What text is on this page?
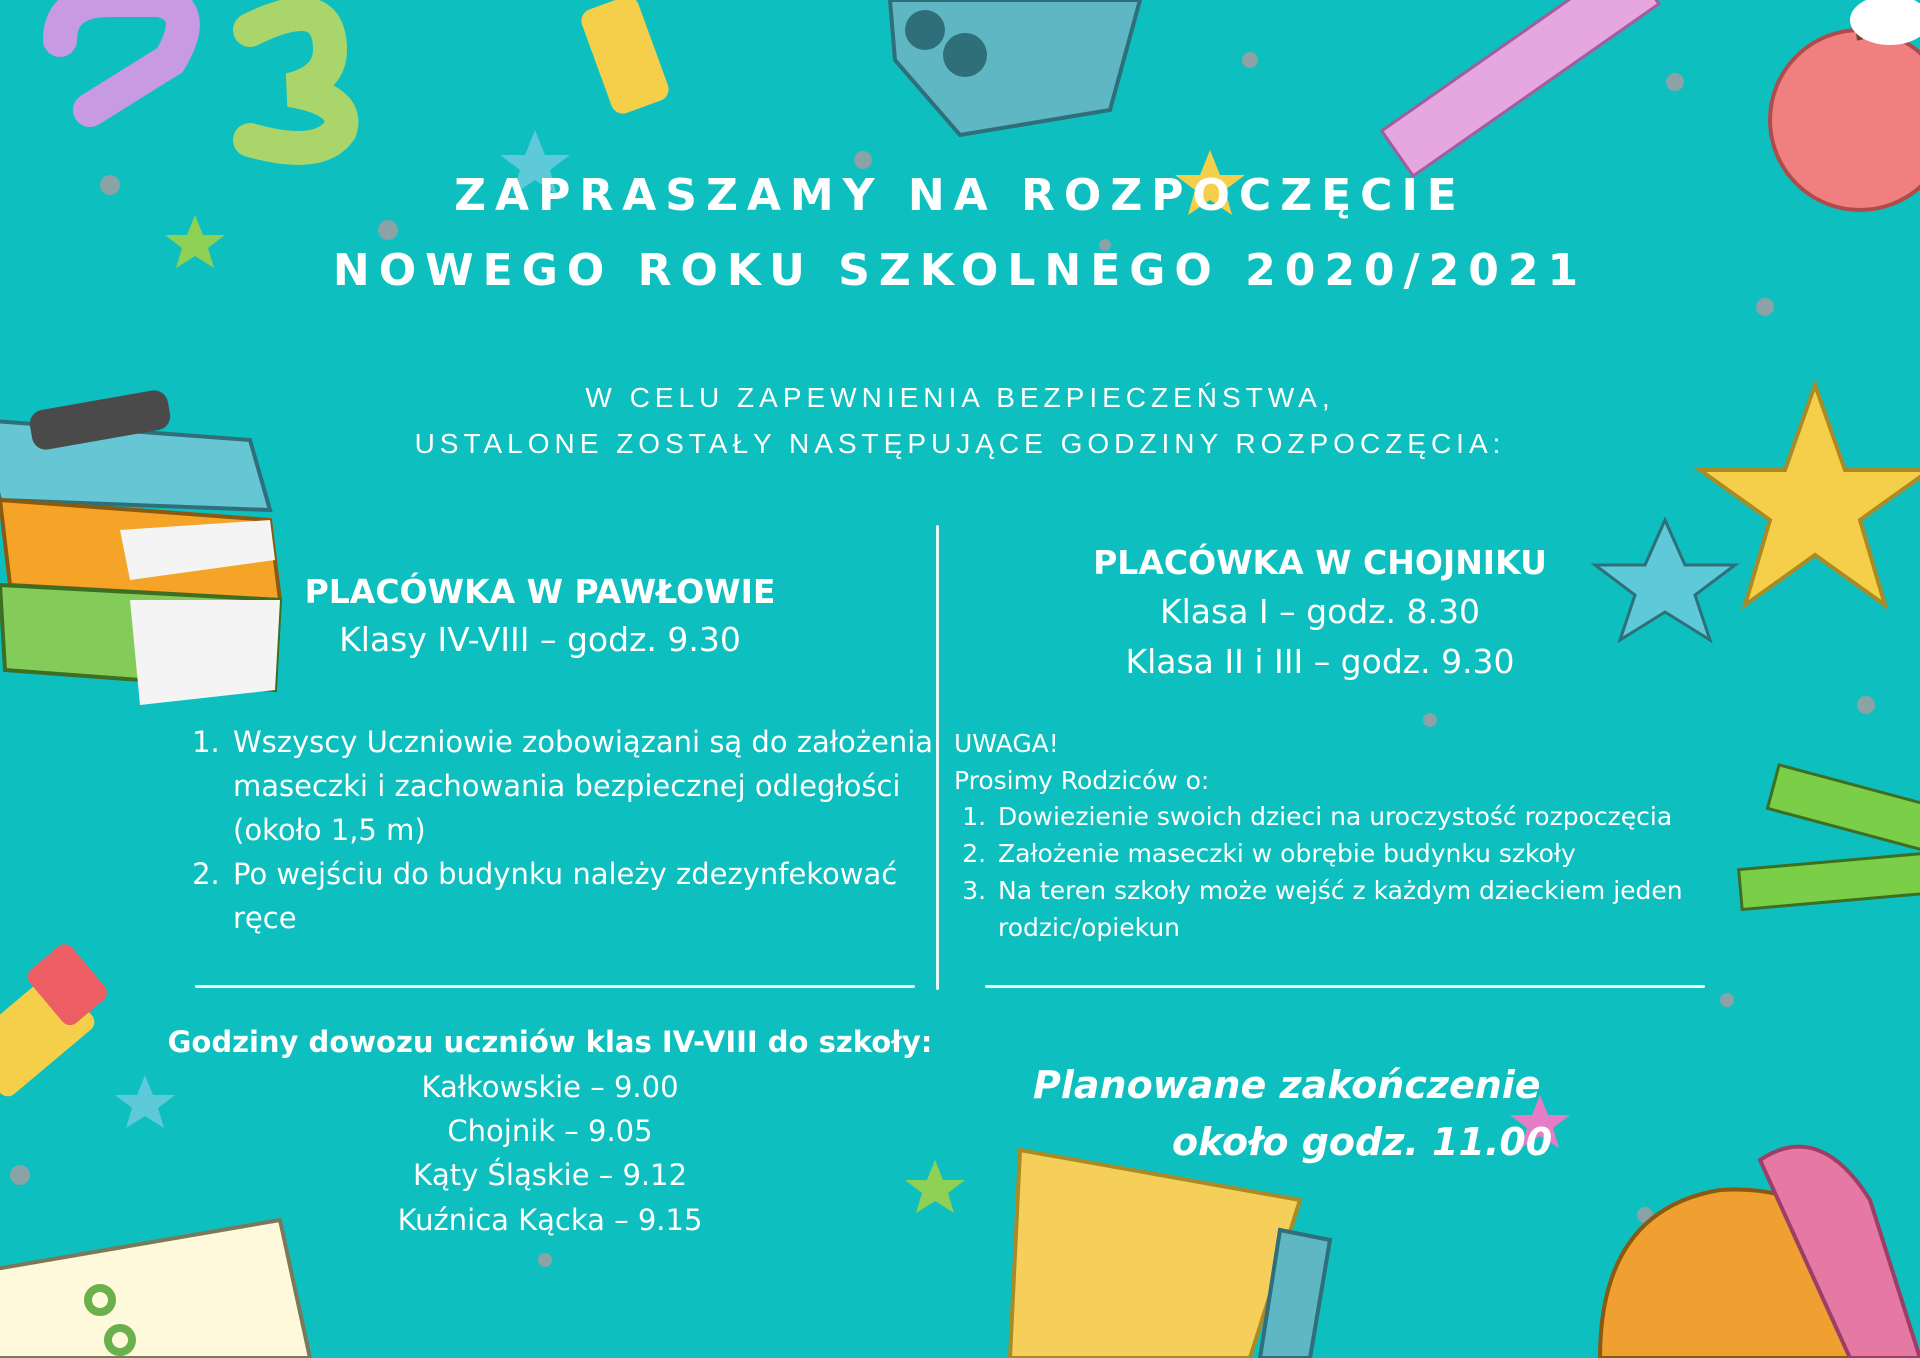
ZAPRASZAMY NA ROZPOCZĘCIE
NOWEGO ROKU SZKOLNEGO 2020/2021
W CELU ZAPEWNIENIA BEZPIECZEŃSTWA,
USTALONE ZOSTAŁY NASTĘPUJĄCE GODZINY ROZPOCZĘCIA:
PLACÓWKA W PAWŁOWIE
Klasy IV-VIII – godz. 9.30
1. Wszyscy Uczniowie zobowiązani są do założenia maseczki i zachowania bezpiecznej odległości (około 1,5 m)
2. Po wejściu do budynku należy zdezynfekować ręce
PLACÓWKA W CHOJNIKU
Klasa I – godz. 8.30
Klasa II i III – godz. 9.30
UWAGA!
Prosimy Rodziców o:
1. Dowiezienie swoich dzieci na uroczystość rozpoczęcia
2. Założenie maseczki w obrębie budynku szkoły
3. Na teren szkoły może wejść z każdym dzieckiem jeden rodzic/opiekun
Godziny dowozu uczniów klas IV-VIII do szkoły:
Kałkowskie – 9.00
Chojnik – 9.05
Kąty Śląskie – 9.12
Kuźnica Kącka – 9.15
Planowane zakończenie
około godz. 11.00
